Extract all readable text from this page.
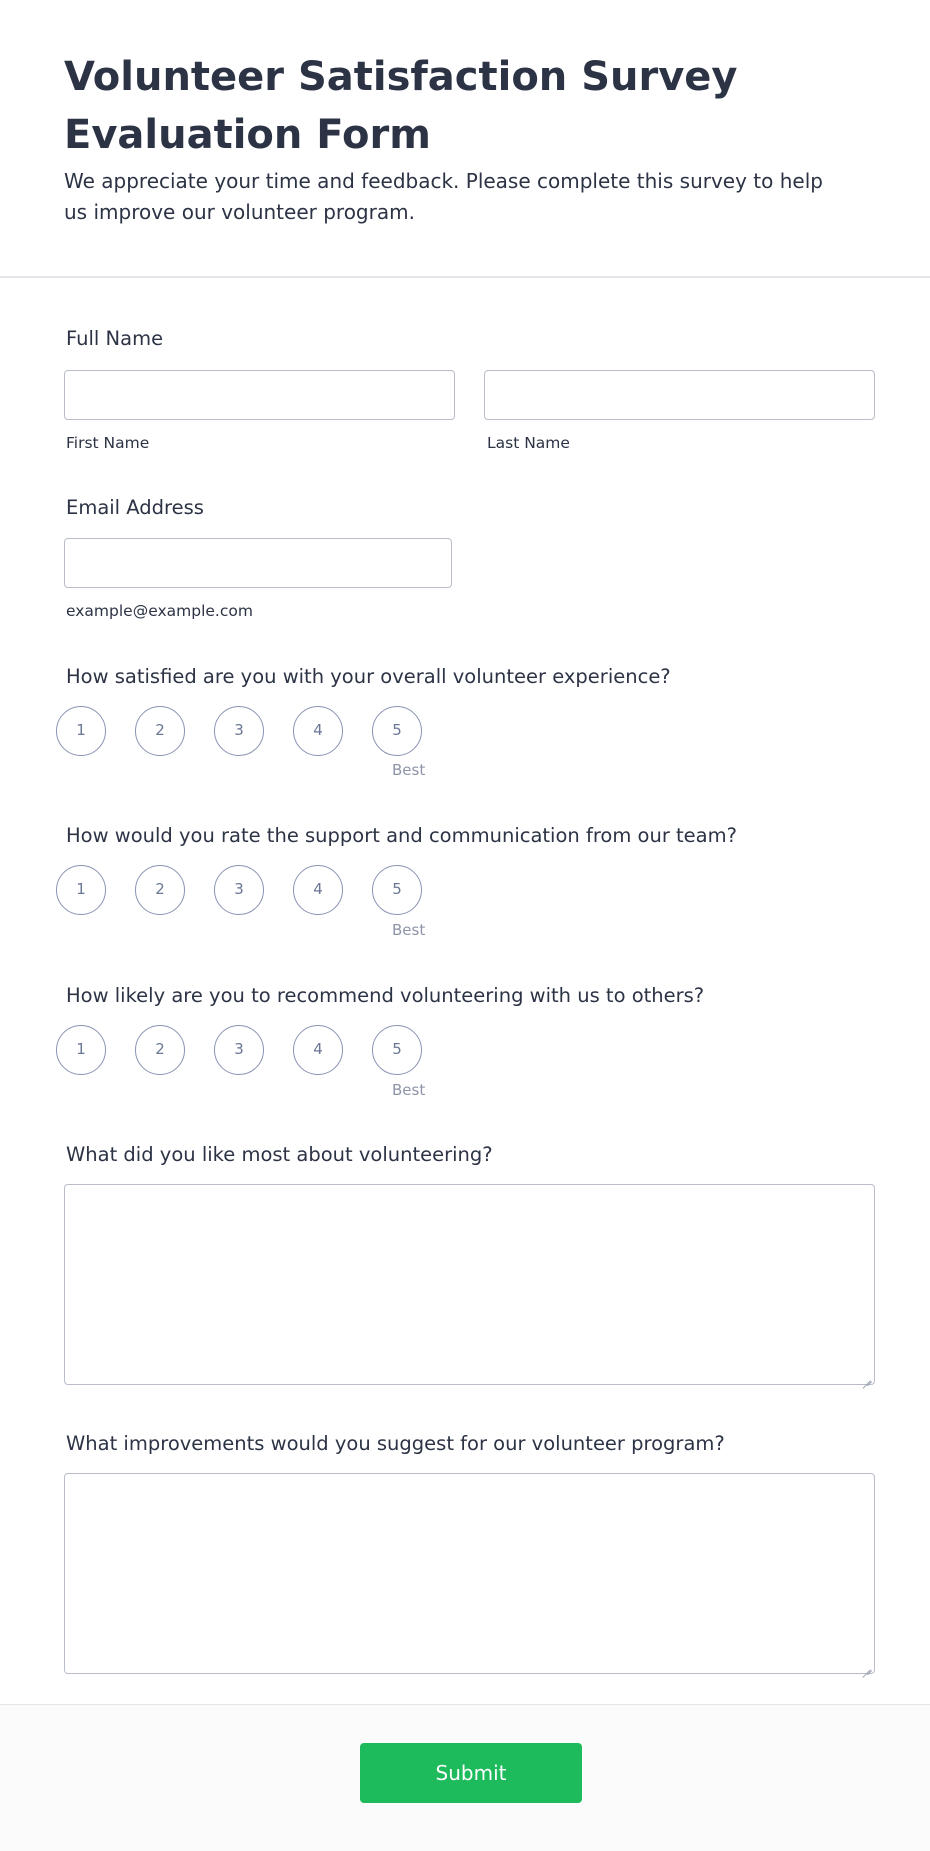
Volunteer Satisfaction Survey Evaluation Form
We appreciate your time and feedback. Please complete this survey to help us improve our volunteer program.
Full Name
First Name	Last Name
Email Address
example@example.com
How satisfied are you with your overall volunteer experience?
1	2	3	4	5
Best
How would you rate the support and communication from our team?
1	2	3	4	5
Best
How likely are you to recommend volunteering with us to others?
1	2	3	4	5
Best
What did you like most about volunteering?
What improvements would you suggest for our volunteer program?
Submit
